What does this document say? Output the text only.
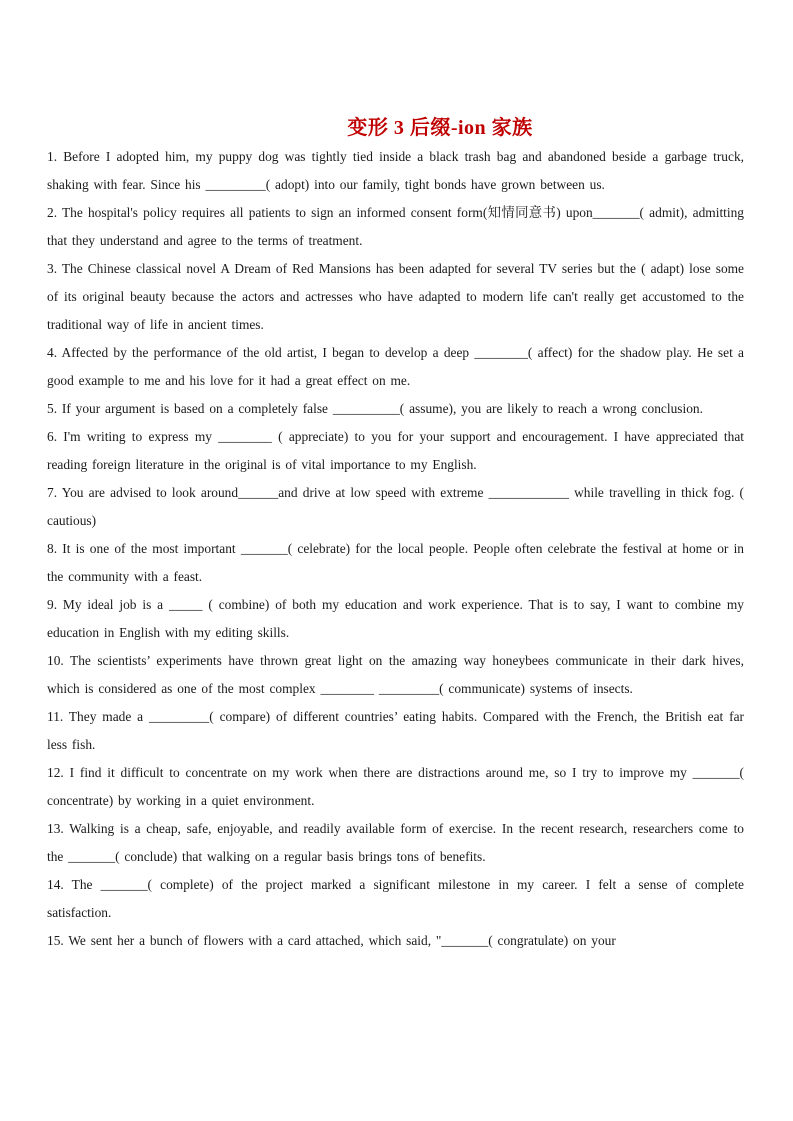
变形 3 后缀-ion 家族

1. Before I adopted him, my puppy dog was tightly tied inside a black trash bag and abandoned beside a garbage truck, shaking with fear. Since his _________( adopt) into our family, tight bonds have grown between us.

2. The hospital's policy requires all patients to sign an informed consent form(知情同意书) upon_______( admit), admitting that they understand and agree to the terms of treatment.

3. The Chinese classical novel A Dream of Red Mansions has been adapted for several TV series but the ( adapt) lose some of its original beauty because the actors and actresses who have adapted to modern life can't really get accustomed to the traditional way of life in ancient times.

4. Affected by the performance of the old artist, I began to develop a deep ________( affect) for the shadow play. He set a good example to me and his love for it had a great effect on me.

5. If your argument is based on a completely false __________( assume), you are likely to reach a wrong conclusion.

6. I'm writing to express my ________ ( appreciate) to you for your support and encouragement. I have appreciated that reading foreign literature in the original is of vital importance to my English.

7. You are advised to look around______and drive at low speed with extreme ____________ while travelling in thick fog. ( cautious)

8. It is one of the most important _______( celebrate) for the local people. People often celebrate the festival at home or in the community with a feast.

9. My ideal job is a _____ ( combine) of both my education and work experience. That is to say, I want to combine my education in English with my editing skills.

10. The scientists’ experiments have thrown great light on the amazing way honeybees communicate in their dark hives, which is considered as one of the most complex ________ _________( communicate) systems of insects.

11. They made a _________( compare) of different countries’ eating habits. Compared with the French, the British eat far less fish.

12. I find it difficult to concentrate on my work when there are distractions around me, so I try to improve my _______( concentrate) by working in a quiet environment.

13. Walking is a cheap, safe, enjoyable, and readily available form of exercise. In the recent research, researchers come to the _______( conclude) that walking on a regular basis brings tons of benefits.

14. The _______( complete) of the project marked a significant milestone in my career. I felt a sense of complete satisfaction.

15. We sent her a bunch of flowers with a card attached, which said, "_______( congratulate) on your
